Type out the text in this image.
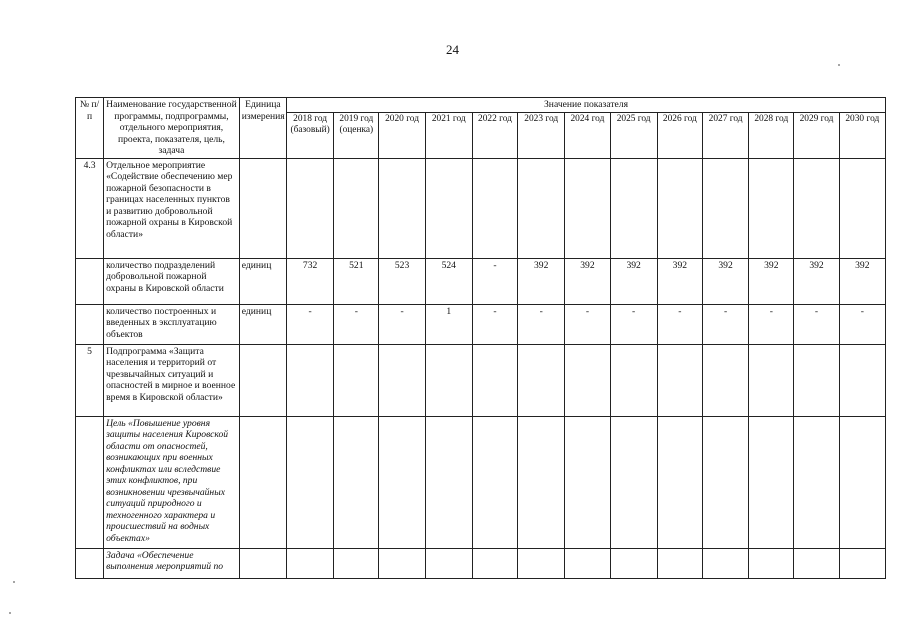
24
№ п/п	Наименование государственной программы, подпрограммы, отдельного мероприятия, проекта, показателя, цель, задача	Единица измерения	Значение показателя												
			2018 год (базовый)	2019 год (оценка)	2020 год	2021 год	2022 год	2023 год	2024 год	2025 год	2026 год	2027 год	2028 год	2029 год	2030 год
4.3	Отдельное мероприятие «Содействие обеспечению мер пожарной безопасности в границах населенных пунктов и развитию добровольной пожарной охраны в Кировской области»														
	количество подразделений добровольной пожарной охраны в Кировской области	единиц	732	521	523	524	-	392	392	392	392	392	392	392	392
	количество построенных и введенных в эксплуатацию объектов	единиц	-	-	-	1	-	-	-	-	-	-	-	-	-
5	Подпрограмма «Защита населения и территорий от чрезвычайных ситуаций и опасностей в мирное и военное время в Кировской области»														
	Цель «Повышение уровня защиты населения Кировской области от опасностей, возникающих при военных конфликтах или вследствие этих конфликтов, при возникновении чрезвычайных ситуаций природного и техногенного характера и происшествий на водных объектах»														
	Задача «Обеспечение выполнения мероприятий по														
